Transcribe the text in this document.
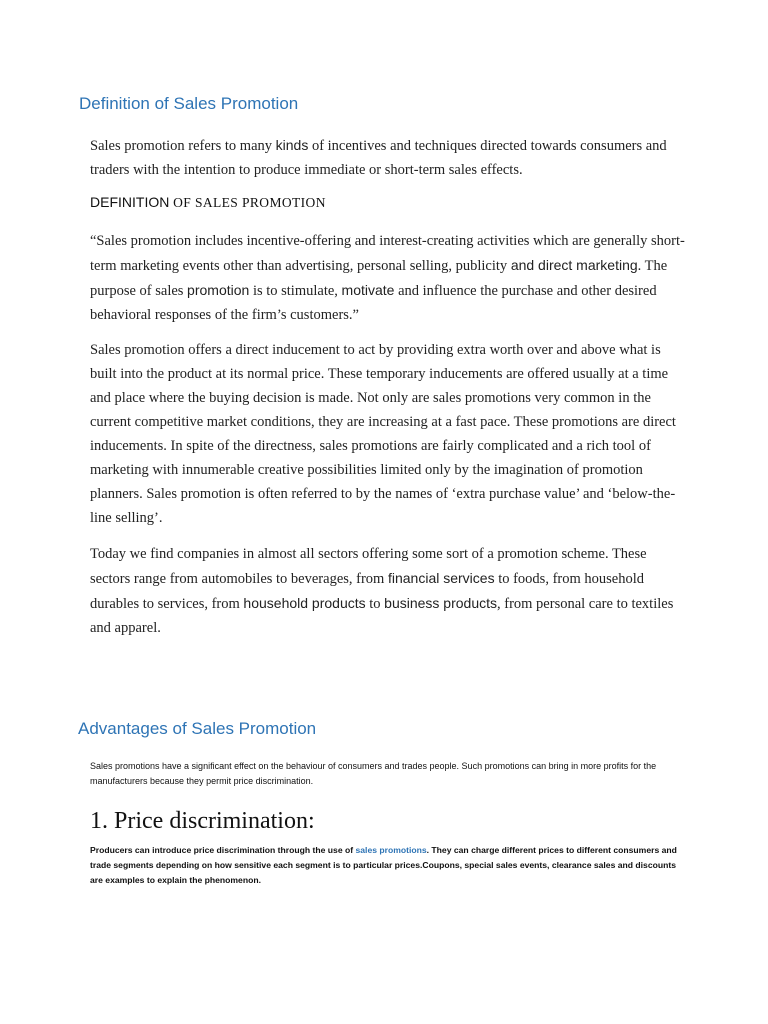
Definition of Sales Promotion

Sales promotion refers to many kinds of incentives and techniques directed towards consumers and traders with the intention to produce immediate or short-term sales effects.

DEFINITION OF SALES PROMOTION

“Sales promotion includes incentive-offering and interest-creating activities which are generally short-term marketing events other than advertising, personal selling, publicity and direct marketing. The purpose of sales promotion is to stimulate, motivate and influence the purchase and other desired behavioral responses of the firm’s customers.”

Sales promotion offers a direct inducement to act by providing extra worth over and above what is built into the product at its normal price. These temporary inducements are offered usually at a time and place where the buying decision is made. Not only are sales promotions very common in the current competitive market conditions, they are increasing at a fast pace. These promotions are direct inducements. In spite of the directness, sales promotions are fairly complicated and a rich tool of marketing with innumerable creative possibilities limited only by the imagination of promotion planners. Sales promotion is often referred to by the names of ‘extra purchase value’ and ‘below-the-line selling’.

Today we find companies in almost all sectors offering some sort of a promotion scheme. These sectors range from automobiles to beverages, from financial services to foods, from household durables to services, from household products to business products, from personal care to textiles and apparel.

Advantages of Sales Promotion

Sales promotions have a significant effect on the behaviour of consumers and trades people. Such promotions can bring in more profits for the manufacturers because they permit price discrimination.

1. Price discrimination:

Producers can introduce price discrimination through the use of sales promotions. They can charge different prices to different consumers and trade segments depending on how sensitive each segment is to particular prices.Coupons, special sales events, clearance sales and discounts are examples to explain the phenomenon.
